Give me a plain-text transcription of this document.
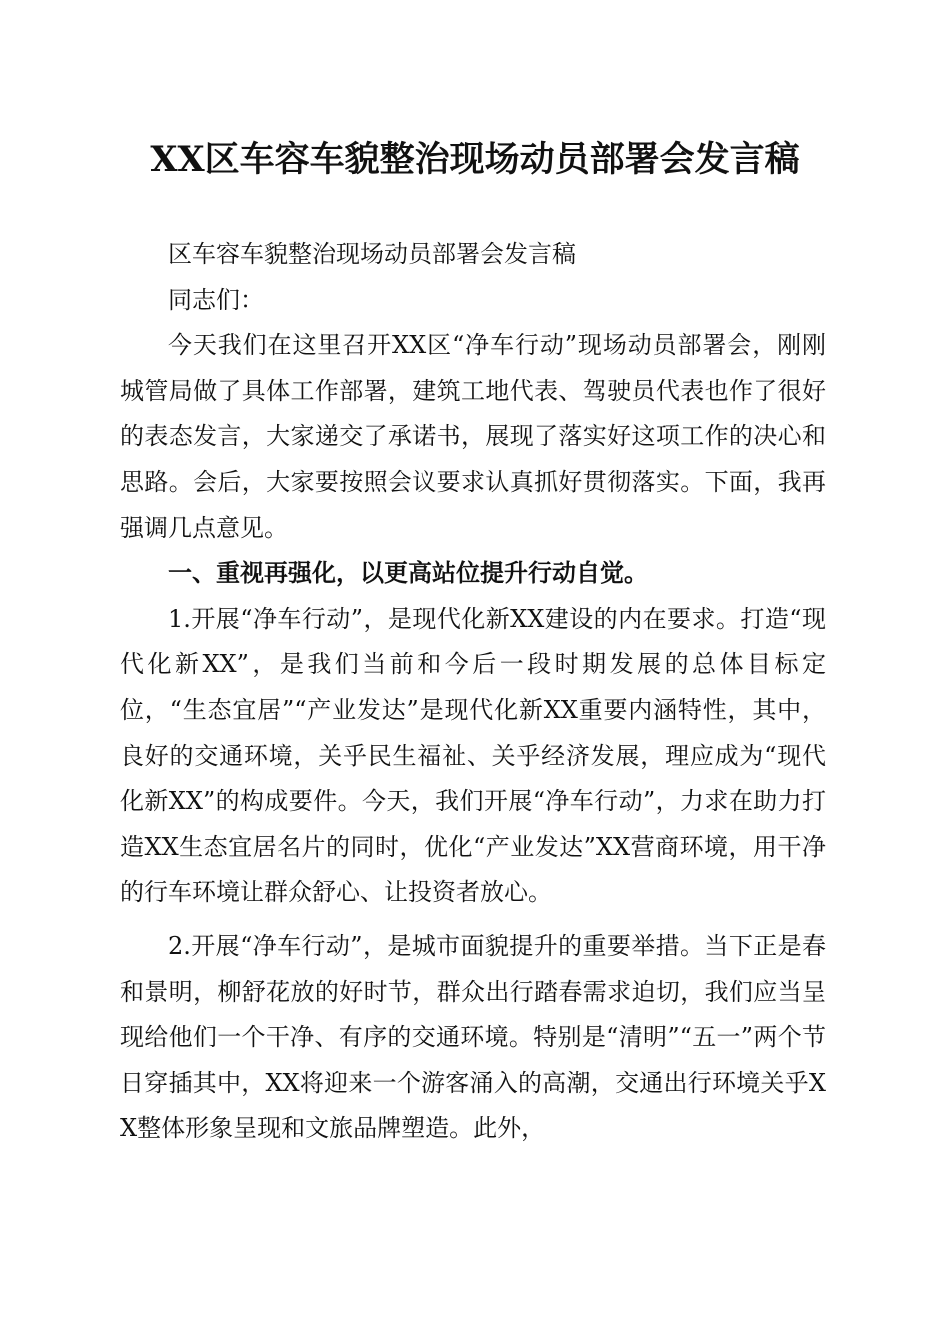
XX区车容车貌整治现场动员部署会发言稿

区车容车貌整治现场动员部署会发言稿

同志们：

今天我们在这里召开XX区“净车行动”现场动员部署会，刚刚城管局做了具体工作部署，建筑工地代表、驾驶员代表也作了很好的表态发言，大家递交了承诺书，展现了落实好这项工作的决心和思路。会后，大家要按照会议要求认真抓好贯彻落实。下面，我再强调几点意见。

一、重视再强化，以更高站位提升行动自觉。

1.开展“净车行动”，是现代化新XX建设的内在要求。打造“现代化新XX”，是我们当前和今后一段时期发展的总体目标定位，“生态宜居”“产业发达”是现代化新XX重要内涵特性，其中，良好的交通环境，关乎民生福祉、关乎经济发展，理应成为“现代化新XX”的构成要件。今天，我们开展“净车行动”，力求在助力打造XX生态宜居名片的同时，优化“产业发达”XX营商环境，用干净的行车环境让群众舒心、让投资者放心。

2.开展“净车行动”，是城市面貌提升的重要举措。当下正是春和景明，柳舒花放的好时节，群众出行踏春需求迫切，我们应当呈现给他们一个干净、有序的交通环境。特别是“清明”“五一”两个节日穿插其中，XX将迎来一个游客涌入的高潮，交通出行环境关乎XX整体形象呈现和文旅品牌塑造。此外，
